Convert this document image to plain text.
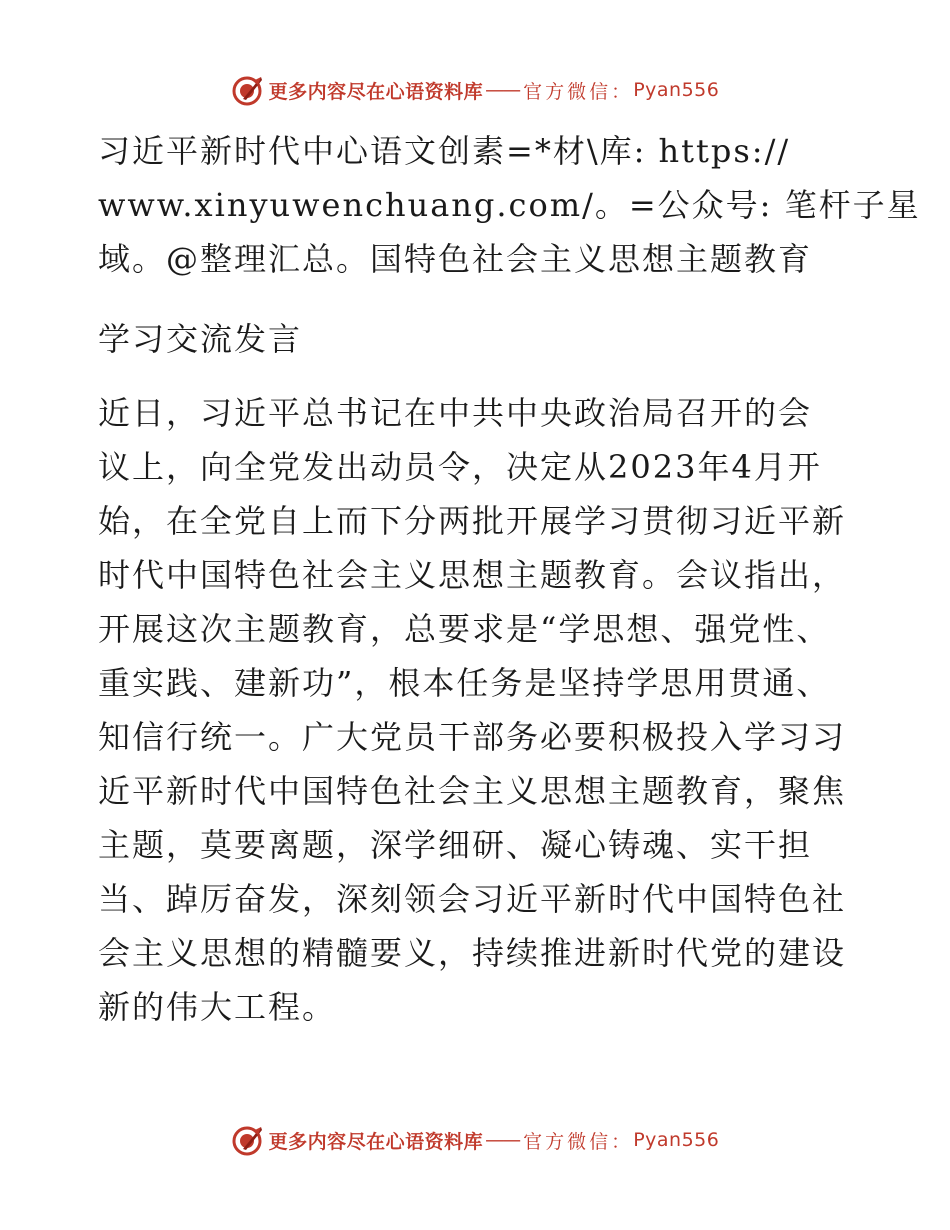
更多内容尽在心语资料库 —— 官方微信： Pyan556
习近平新时代中心语文创素=*材\库: https://
www.xinyuwenchuang.com/。=公众号: 笔杆子星
域。@整理汇总。国特色社会主义思想主题教育
学习交流发言
近日，习近平总书记在中共中央政治局召开的会
议上，向全党发出动员令，决定从2023年4月开
始，在全党自上而下分两批开展学习贯彻习近平新
时代中国特色社会主义思想主题教育。会议指出，
开展这次主题教育，总要求是“学思想、强党性、
重实践、建新功”，根本任务是坚持学思用贯通、
知信行统一。广大党员干部务必要积极投入学习习
近平新时代中国特色社会主义思想主题教育，聚焦
主题，莫要离题，深学细研、凝心铸魂、实干担
当、踔厉奋发，深刻领会习近平新时代中国特色社
会主义思想的精髓要义，持续推进新时代党的建设
新的伟大工程。
更多内容尽在心语资料库 —— 官方微信： Pyan556
